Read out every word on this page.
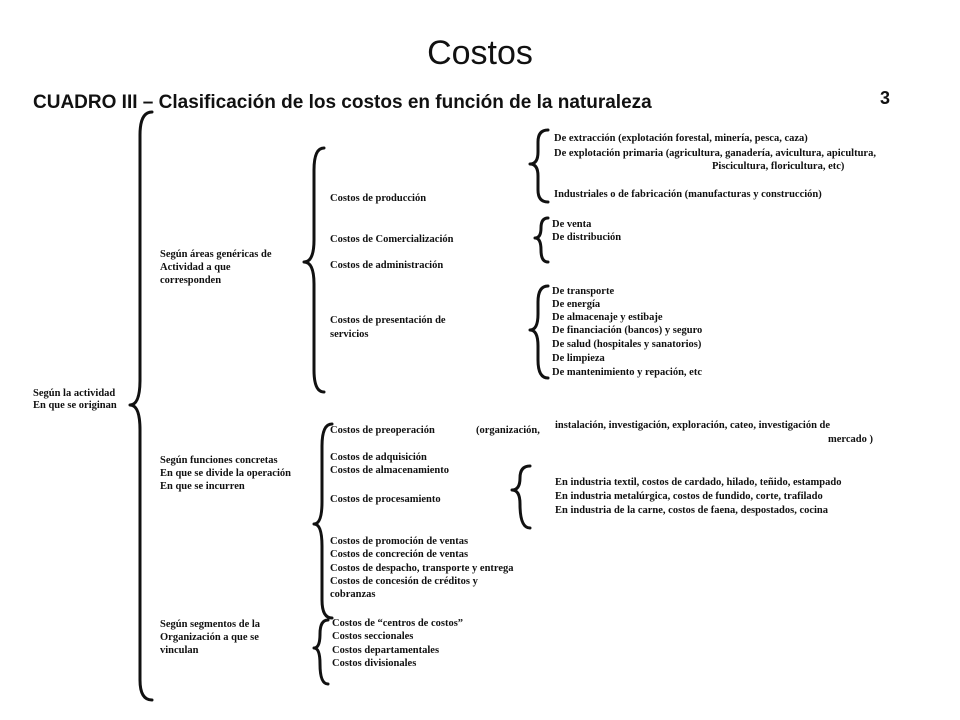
Costos
CUADRO III – Clasificación de los costos en función de la naturaleza	3
Según la actividad
En que se originan
Según áreas genéricas de
Actividad a que
corresponden
Costos de producción
De extracción (explotación forestal, minería, pesca, caza)
De explotación primaria (agricultura, ganadería, avicultura, apicultura,
Piscicultura, floricultura, etc)
Industriales o de fabricación (manufacturas y construcción)
Costos de Comercialización
De venta
De distribución
Costos de administración
Costos de presentación de
servicios
De transporte
De energía
De almacenaje y estibaje
De financiación (bancos) y seguro
De salud (hospitales y sanatorios)
De limpieza
De mantenimiento y repación, etc
Según funciones concretas
En que se divide la operación
En que se incurren
Costos de preoperación	(organización, instalación, investigación, exploración, cateo, investigación de
mercado )
Costos de adquisición
Costos de almacenamiento
Costos de procesamiento
En industria textil, costos de cardado, hilado, teñido, estampado
En industria metalúrgica, costos de fundido, corte, trafilado
En industria de la carne, costos de faena, despostados, cocina
Costos de promoción de ventas
Costos de concreción de ventas
Costos de despacho, transporte y entrega
Costos de concesión de créditos y
cobranzas
Según segmentos de la
Organización a que se
vinculan
Costos de “centros de costos”
Costos seccionales
Costos departamentales
Costos divisionales
